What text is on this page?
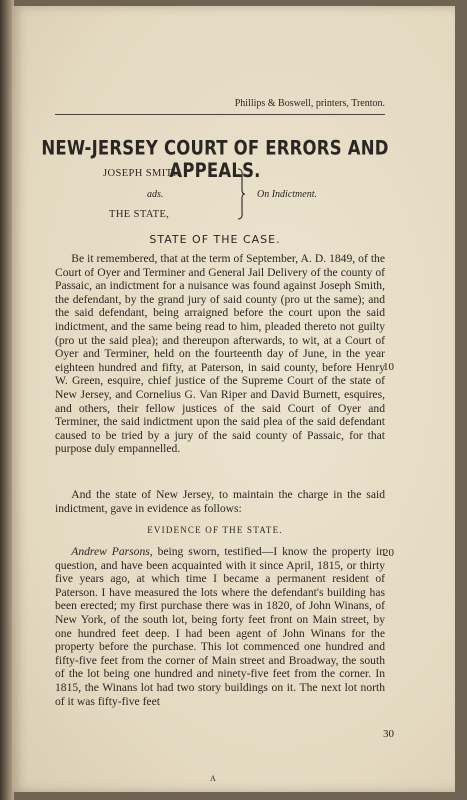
Phillips & Boswell, printers, Trenton.
NEW-JERSEY COURT OF ERRORS AND APPEALS.
JOSEPH SMITH
ads.
THE STATE,
On Indictment.
STATE OF THE CASE.
Be it remembered, that at the term of September, A. D. 1849, of the Court of Oyer and Terminer and General Jail Delivery of the county of Passaic, an indictment for a nuisance was found against Joseph Smith, the defendant, by the grand jury of said county (pro ut the same); and the said defendant, being arraigned before the court upon the said indictment, and the same being read to him, pleaded thereto not guilty (pro ut the said plea); and thereupon afterwards, to wit, at a Court of Oyer and Terminer, held on the fourteenth day of June, in the year eighteen hundred and fifty, at Paterson, in said county, before Henry W. Green, esquire, chief justice of the Supreme Court of the state of New Jersey, and Cornelius G. Van Riper and David Burnett, esquires, and others, their fellow justices of the said Court of Oyer and Terminer, the said indictment upon the said plea of the said defendant caused to be tried by a jury of the said county of Passaic, for that purpose duly empannelled.
And the state of New Jersey, to maintain the charge in the said indictment, gave in evidence as follows:
EVIDENCE OF THE STATE.
Andrew Parsons, being sworn, testified—I know the property in question, and have been acquainted with it since April, 1815, or thirty five years ago, at which time I became a permanent resident of Paterson. I have measured the lots where the defendant's building has been erected; my first purchase there was in 1820, of John Winans, of New York, of the south lot, being forty feet front on Main street, by one hundred feet deep. I had been agent of John Winans for the property before the purchase. This lot commenced one hundred and fifty-five feet from the corner of Main street and Broadway, the south of the lot being one hundred and ninety-five feet from the corner. In 1815, the Winans lot had two story buildings on it. The next lot north of it was fifty-five feet
10
20
30
A
